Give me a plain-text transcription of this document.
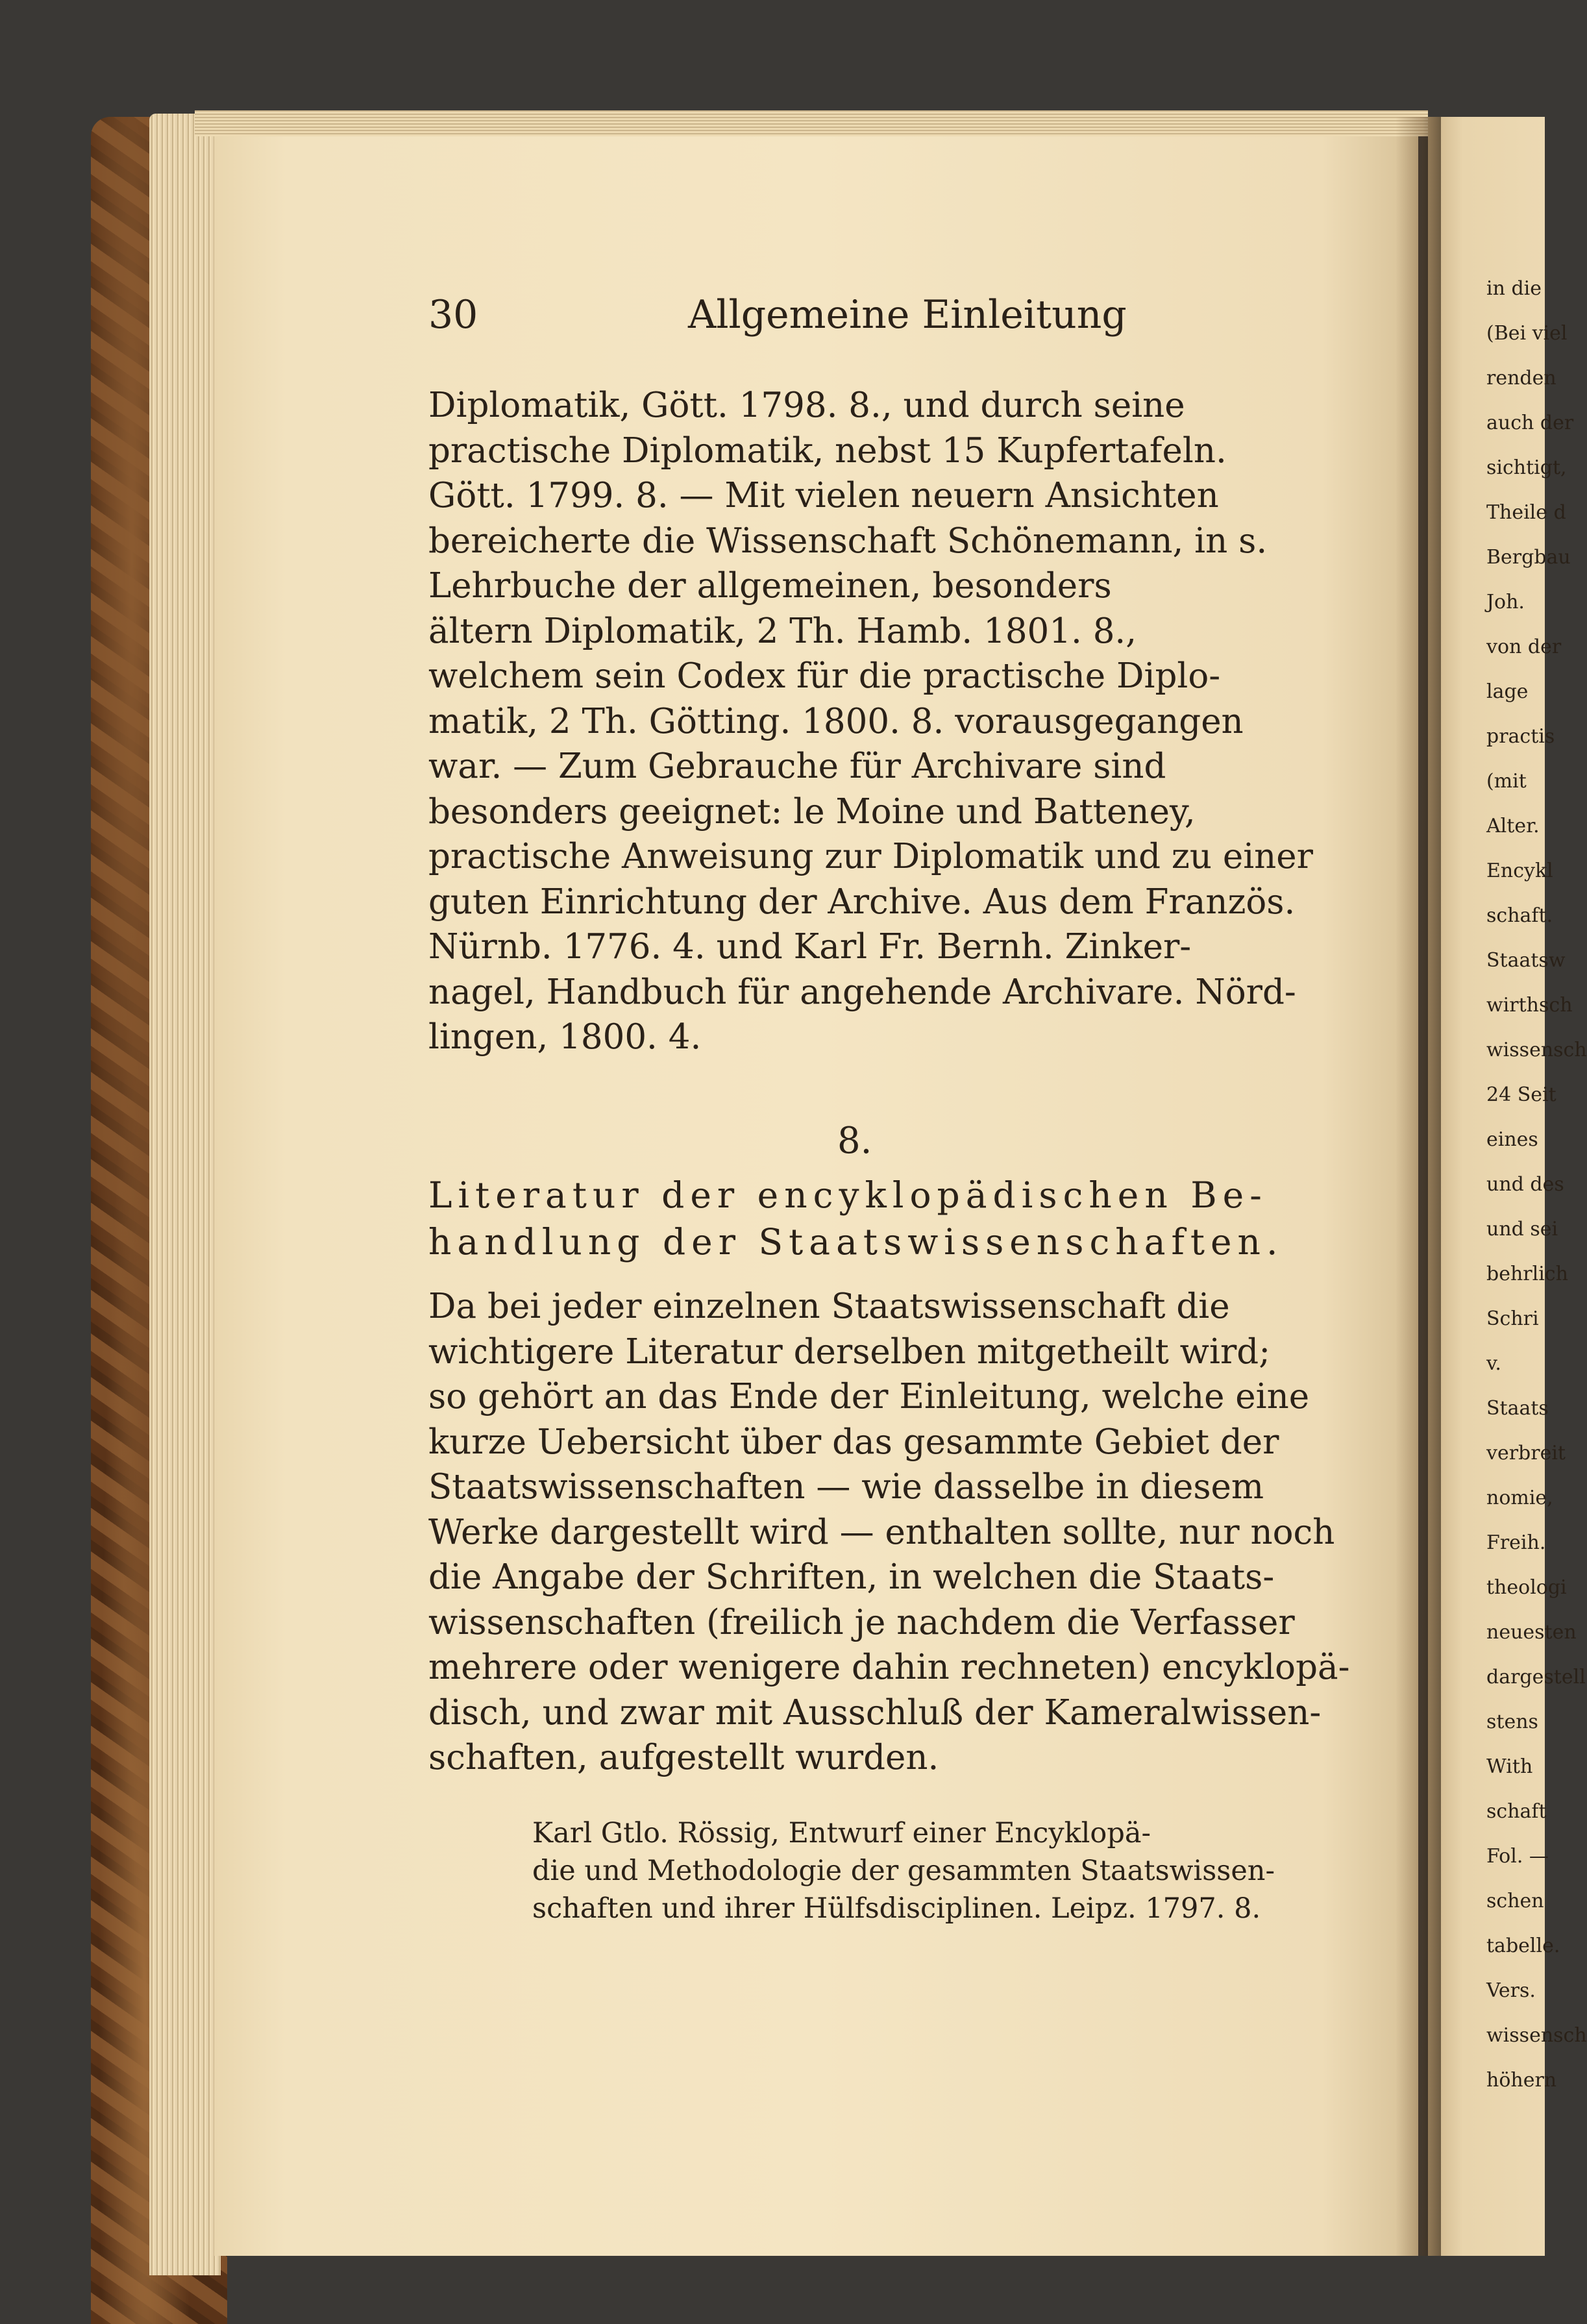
in die
(Bei viel
renden
auch der
sichtigt,
Theile d
Bergbau
Joh.
von der
lage
practis
(mit
Alter.
Encykl
schaft.
Staatsw
wirthsch
wissensch
24 Seit
eines
und des
und sei
behrlich
Schri
v.
Staats
verbreit
nomie,
Freih.
theologi
neuesten
dargestell
stens
With
schaft
Fol. —
schen
tabelle.
Vers.
wissensch
höhern
30	Allgemeine Einleitung
Diplomatik, Gött. 1798. 8., und durch seine
practische Diplomatik, nebst 15 Kupfertafeln.
Gött. 1799. 8. — Mit vielen neuern Ansichten
bereicherte die Wissenschaft Schönemann, in s.
Lehrbuche der allgemeinen, besonders
ältern Diplomatik, 2 Th. Hamb. 1801. 8.,
welchem sein Codex für die practische Diplo-
matik, 2 Th. Götting. 1800. 8. vorausgegangen
war. — Zum Gebrauche für Archivare sind
besonders geeignet: le Moine und Batteney,
practische Anweisung zur Diplomatik und zu einer
guten Einrichtung der Archive. Aus dem Französ.
Nürnb. 1776. 4. und Karl Fr. Bernh. Zinker-
nagel, Handbuch für angehende Archivare. Nörd-
lingen, 1800. 4.
8.
Literatur der encyklopädischen Be-
handlung der Staatswissenschaften.
Da bei jeder einzelnen Staatswissenschaft die
wichtigere Literatur derselben mitgetheilt wird;
so gehört an das Ende der Einleitung, welche eine
kurze Uebersicht über das gesammte Gebiet der
Staatswissenschaften — wie dasselbe in diesem
Werke dargestellt wird — enthalten sollte, nur noch
die Angabe der Schriften, in welchen die Staats-
wissenschaften (freilich je nachdem die Verfasser
mehrere oder wenigere dahin rechneten) encyklopä-
disch, und zwar mit Ausschluß der Kameralwissen-
schaften, aufgestellt wurden.
Karl Gtlo. Rössig, Entwurf einer Encyklopä-
die und Methodologie der gesammten Staatswissen-
schaften und ihrer Hülfsdisciplinen. Leipz. 1797. 8.
